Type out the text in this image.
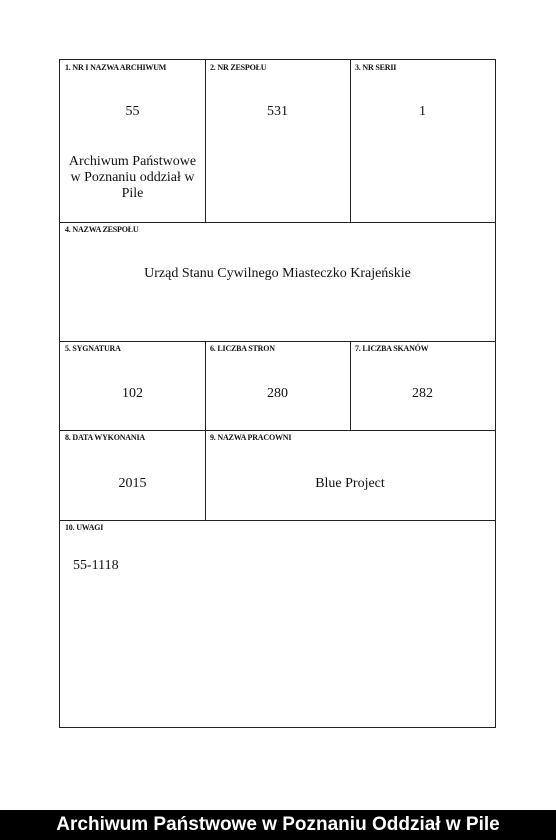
1. NR I NAZWA ARCHIWUM
55
Archiwum Państwowe w Poznaniu oddział w Pile
2. NR ZESPOŁU
531
3. NR SERII
1
4. NAZWA ZESPOŁU
Urząd Stanu Cywilnego Miasteczko Krajeńskie
5. SYGNATURA
102
6. LICZBA STRON
280
7. LICZBA SKANÓW
282
8. DATA WYKONANIA
2015
9. NAZWA PRACOWNI
Blue Project
10. UWAGI
55-1118
Archiwum Państwowe w Poznaniu Oddział w Pile
